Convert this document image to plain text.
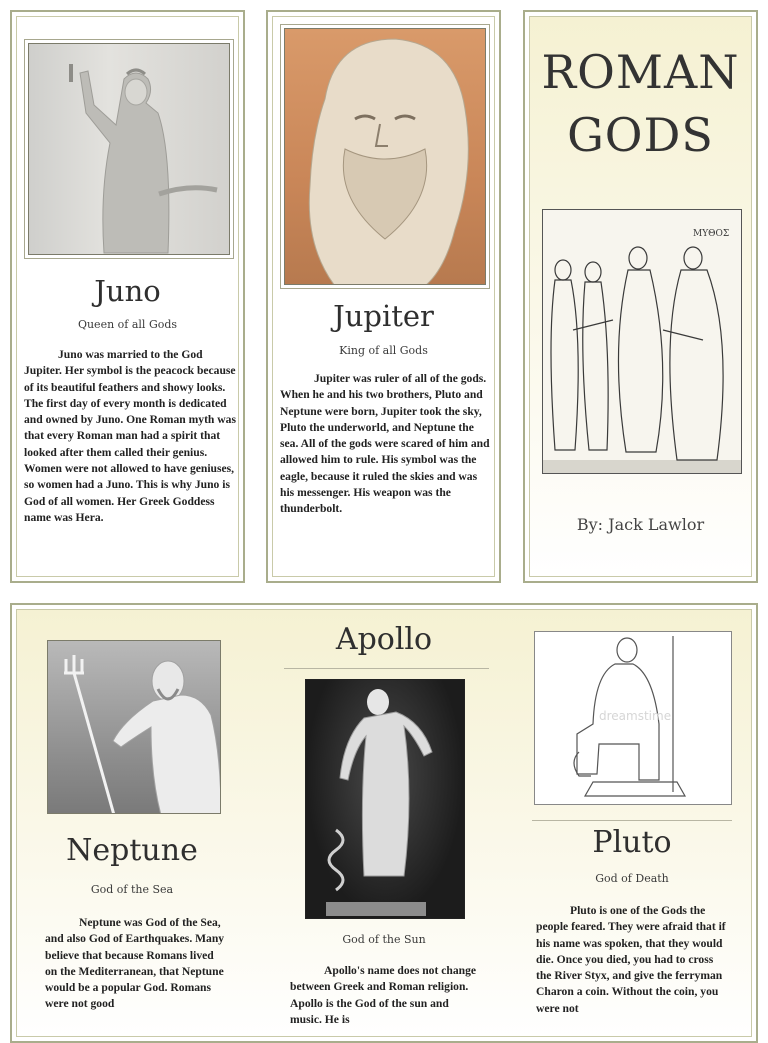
Juno
Queen of all Gods

Juno was married to the God Jupiter. Her symbol is the peacock because of its beautiful feathers and showy looks. The first day of every month is dedicated and owned by Juno. One Roman myth was that every Roman man had a spirit that looked after them called their genius. Women were not allowed to have geniuses, so women had a Juno. This is why Juno is God of all women. Her Greek Goddess name was Hera.

Jupiter
King of all Gods

Jupiter was ruler of all of the gods. When he and his two brothers, Pluto and Neptune were born, Jupiter took the sky, Pluto the underworld, and Neptune the sea. All of the gods were scared of him and allowed him to rule. His symbol was the eagle, because it ruled the skies and was his messenger. His weapon was the thunderbolt.

ROMAN
GODS
ΜΥΘΟΣ
By: Jack Lawlor
Neptune
God of the Sea

Neptune was God of the Sea, and also God of Earthquakes. Many believe that because Romans lived on the Mediterranean, that Neptune would be a popular God. Romans were not good

Apollo
God of the Sun

Apollo's name does not change between Greek and Roman religion. Apollo is the God of the sun and music. He is

dreamstime
Pluto
God of Death

Pluto is one of the Gods the people feared. They were afraid that if his name was spoken, that they would die. Once you died, you had to cross the River Styx, and give the ferryman Charon a coin. Without the coin, you were not
